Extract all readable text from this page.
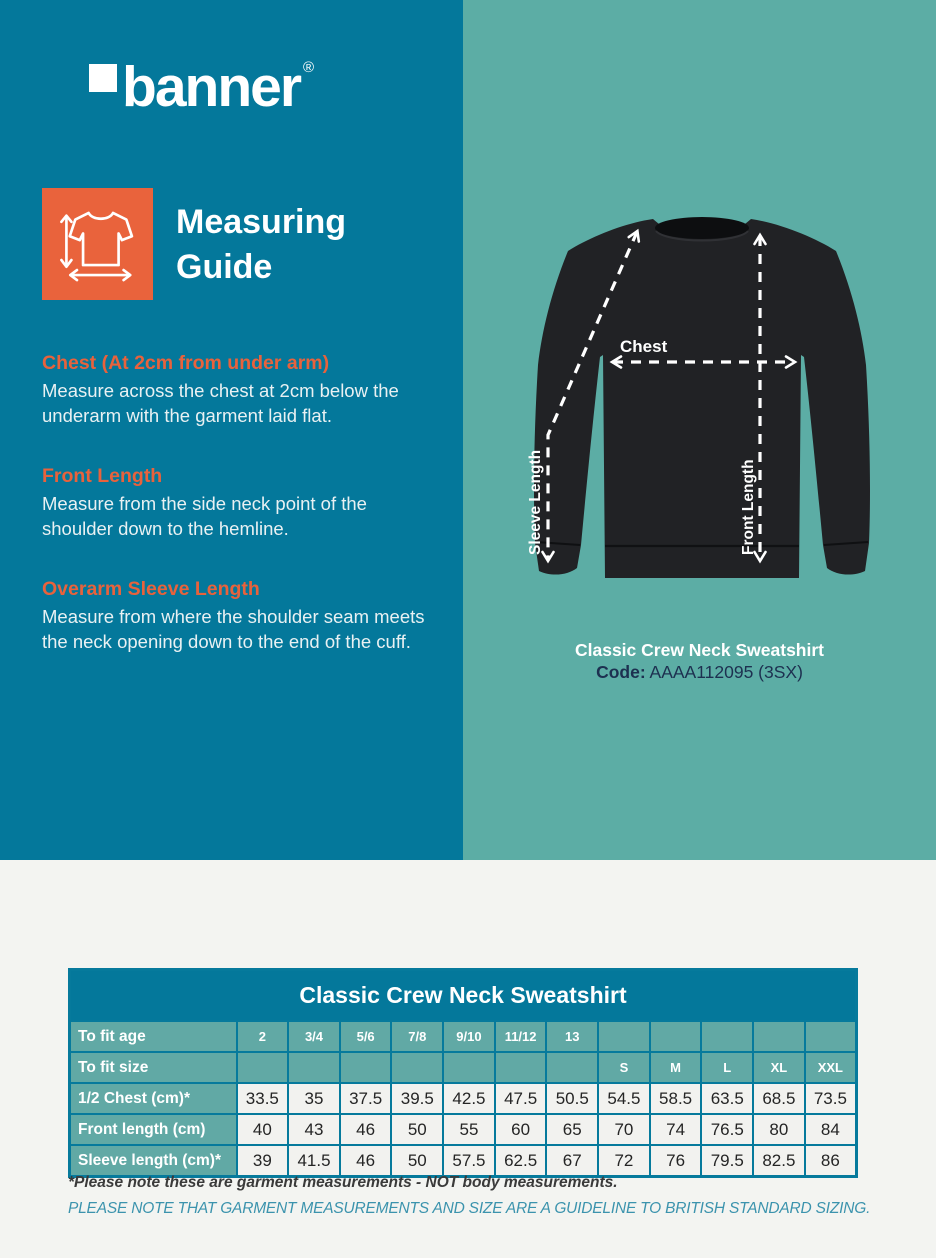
banner ®
Measuring
Guide
Chest (At 2cm from under arm)

Measure across the chest at 2cm below the underarm with the garment laid flat.

Front Length

Measure from the side neck point of the shoulder down to the hemline.

Overarm Sleeve Length

Measure from where the shoulder seam meets the neck opening down to the end of the cuff.

Chest
Front Length
Sleeve Length

Classic Crew Neck Sweatshirt

Code: AAAA112095 (3SX)

Classic Crew Neck Sweatshirt												
To fit age	2	3/4	5/6	7/8	9/10	11/12	13					
To fit size								S	M	L	XL	XXL
1/2 Chest (cm)*	33.5	35	37.5	39.5	42.5	47.5	50.5	54.5	58.5	63.5	68.5	73.5
Front length (cm)	40	43	46	50	55	60	65	70	74	76.5	80	84
Sleeve length (cm)*	39	41.5	46	50	57.5	62.5	67	72	76	79.5	82.5	86
*Please note these are garment measurements - NOT body measurements.
PLEASE NOTE THAT GARMENT MEASUREMENTS AND SIZE ARE A GUIDELINE TO BRITISH STANDARD SIZING.
